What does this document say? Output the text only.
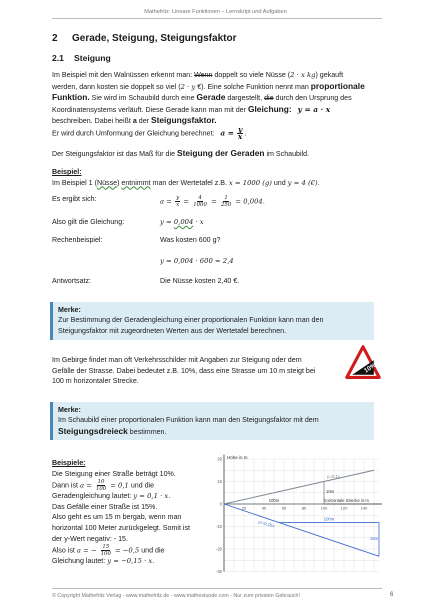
Mathefritz: Lineare Funktionen – Lernskript und Aufgaben
2 Gerade, Steigung, Steigungsfaktor
2.1 Steigung
Im Beispiel mit den Walnüssen erkennt man: Wenn doppelt so viele Nüsse (2 · x kg) gekauft
werden, dann kosten sie doppelt so viel (2 · y €). Eine solche Funktion nennt man proportionale
Funktion. Sie wird im Schaubild durch eine Gerade dargestellt, die durch den Ursprung des
Koordinatensystems verläuft. Diese Gerade kann man mit der Gleichung: y = a · x
beschreiben. Dabei heißt a der Steigungsfaktor.
Er wird durch Umformung der Gleichung berechnet: $a = \frac{y}{x}$ .
Der Steigungsfaktor ist das Maß für die Steigung der Geraden im Schaubild.
Beispiel:
Im Beispiel 1 (Nüsse) entnimmt man der Wertetafel z.B. x = 1000 (g) und y = 4 (€).
Es ergibt sich:	$a = \frac{y}{x} = \frac{4}{1000} = \frac{1}{250} = 0,004$.
Also gilt die Gleichung:	y = 0,004 · x
Rechenbeispiel:	Was kosten 600 g?
y = 0,004 · 600 = 2,4
Antwortsatz:	Die Nüsse kosten 2,40 €.
Merke:
Zur Bestimmung der Geradengleichung einer proportionalen Funktion kann man den
Steigungsfaktor mit zugeordneten Werten aus der Wertetafel berechnen.
Im Gebirge findet man oft Verkehrsschilder mit Angaben zur Steigung oder dem
Gefälle der Strasse. Dabei bedeutet z.B. 10%, dass eine Strasse um 10 m steigt bei
100 m horizontaler Strecke.
10%
Merke:
Im Schaubild einer proportionalen Funktion kann man den Steigungsfaktor mit dem
Steigungsdreieck bestimmen.
Beispiele:
Die Steigung einer Straße beträgt 10%.
Dann ist $a = \frac{10}{100} = 0,1$ und die
Geradengleichung lautet: y = 0,1 · x.
Das Gefälle einer Straße ist 15%.
Also geht es um 15 m bergab, wenn man
horizontal 100 Meter zurückgelegt. Somit ist
der y-Wert negativ: - 15.
Also ist a = − $\frac{15}{100} = -0,5$ und die
Gleichung lautet: y = −0,15 · x.
Höhe in m
horizontale Strecke in m
20
10
0
-10
-20
-30
20	40	60	80	100	120	140
y=0,1x
100m
10m
y=-0,15x
100m
15m
© Copyright Mathefritz Verlag - www.mathefritz.de - www.mathestunde.com - Nur zum privaten Gebrauch!	6
